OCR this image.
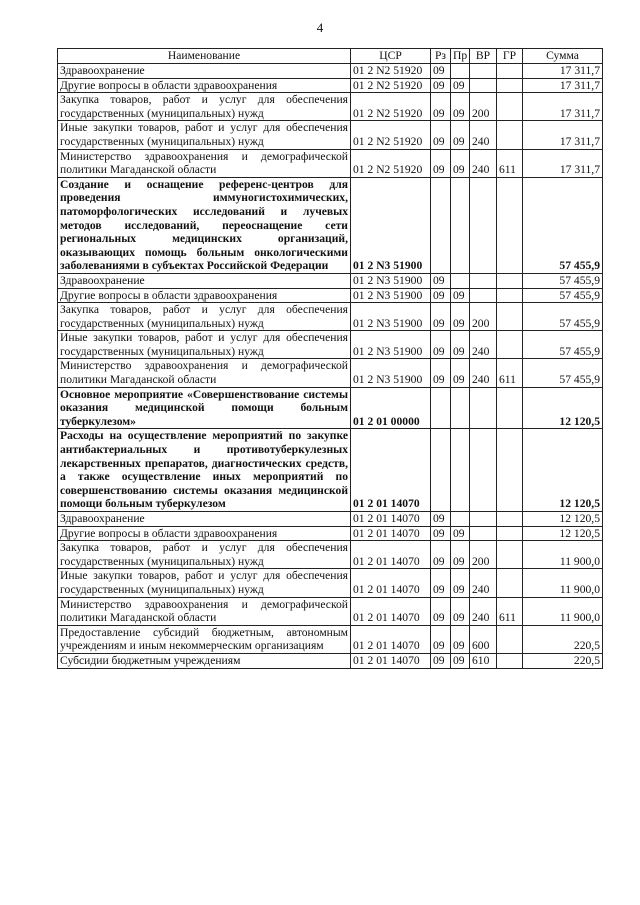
4
Наименование	ЦСР	Рз	Пр	ВР	ГР	Сумма
Здравоохранение	01 2 N2 51920	09				17 311,7
Другие вопросы в области здравоохранения	01 2 N2 51920	09	09			17 311,7
Закупка товаров, работ и услуг для обеспечения государственных (муниципальных) нужд	01 2 N2 51920	09	09	200		17 311,7
Иные закупки товаров, работ и услуг для обеспечения государственных (муниципальных) нужд	01 2 N2 51920	09	09	240		17 311,7
Министерство здравоохранения и демографической политики Магаданской области	01 2 N2 51920	09	09	240	611	17 311,7
Создание и оснащение референс-центров для проведения иммуногистохимических, патоморфологических исследований и лучевых методов исследований, переоснащение сети региональных медицинских организаций, оказывающих помощь больным онкологическими заболеваниями в субъектах Российской Федерации	01 2 N3 51900					57 455,9
Здравоохранение	01 2 N3 51900	09				57 455,9
Другие вопросы в области здравоохранения	01 2 N3 51900	09	09			57 455,9
Закупка товаров, работ и услуг для обеспечения государственных (муниципальных) нужд	01 2 N3 51900	09	09	200		57 455,9
Иные закупки товаров, работ и услуг для обеспечения государственных (муниципальных) нужд	01 2 N3 51900	09	09	240		57 455,9
Министерство здравоохранения и демографической политики Магаданской области	01 2 N3 51900	09	09	240	611	57 455,9
Основное мероприятие «Совершенствование системы оказания медицинской помощи больным туберкулезом»	01 2 01 00000					12 120,5
Расходы на осуществление мероприятий по закупке антибактериальных и противотуберкулезных лекарственных препаратов, диагностических средств, а также осуществление иных мероприятий по совершенствованию системы оказания медицинской помощи больным туберкулезом	01 2 01 14070					12 120,5
Здравоохранение	01 2 01 14070	09				12 120,5
Другие вопросы в области здравоохранения	01 2 01 14070	09	09			12 120,5
Закупка товаров, работ и услуг для обеспечения государственных (муниципальных) нужд	01 2 01 14070	09	09	200		11 900,0
Иные закупки товаров, работ и услуг для обеспечения государственных (муниципальных) нужд	01 2 01 14070	09	09	240		11 900,0
Министерство здравоохранения и демографической политики Магаданской области	01 2 01 14070	09	09	240	611	11 900,0
Предоставление субсидий бюджетным, автономным учреждениям и иным некоммерческим организациям	01 2 01 14070	09	09	600		220,5
Субсидии бюджетным учреждениям	01 2 01 14070	09	09	610		220,5
